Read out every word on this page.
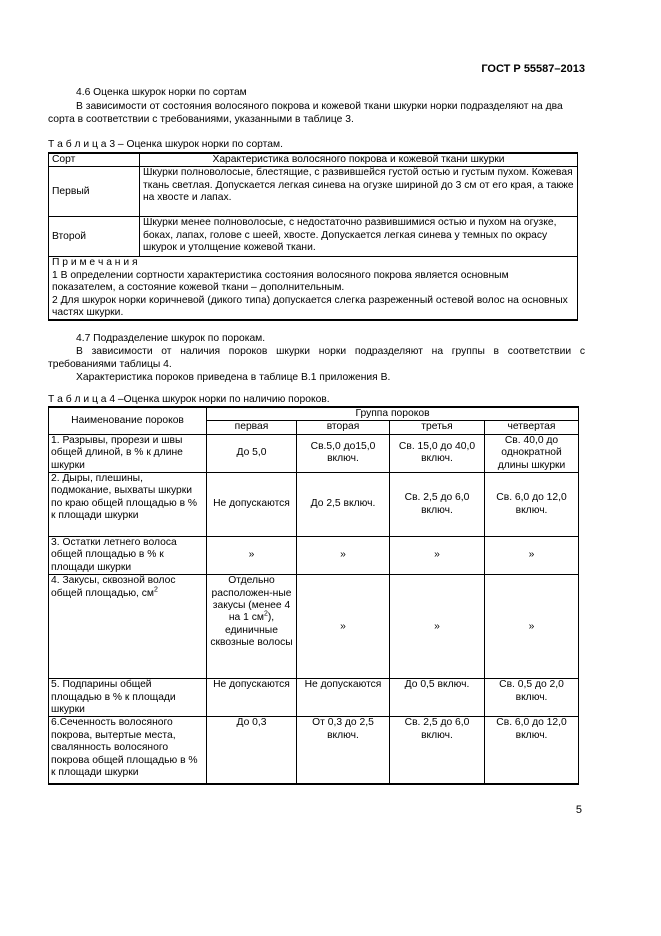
ГОСТ Р 55587–2013
4.6 Оценка шкурок норки по сортам
В зависимости от состояния волосяного покрова и кожевой ткани шкурки норки подразделяют на два сорта в соответствии с требованиями, указанными в таблице 3.
Т а б л и ц а 3 – Оценка шкурок норки по сортам.
Сорт	Характеристика волосяного покрова и кожевой ткани шкурки
Первый	Шкурки полноволосые, блестящие, с развившейся густой остью и густым пухом. Кожевая ткань светлая. Допускается легкая синева на огузке шириной до 3 см от его края, а также на хвосте и лапах.
Второй	Шкурки менее полноволосые, с недостаточно развившимися остью и пухом на огузке, боках, лапах, голове с шеей, хвосте. Допускается легкая синева у темных по окрасу шкурок и утолщение кожевой ткани.

П р и м е ч а н и я
1 В определении сортности характеристика состояния волосяного покрова является основным показателем, а состояние кожевой ткани – дополнительным.
2 Для шкурок норки коричневой (дикого типа) допускается слегка разреженный остевой волос на основных частях шкурки.	
4.7 Подразделение шкурок по порокам.
В зависимости от наличия пороков шкурки норки подразделяют на группы в соответствии с требованиями таблицы 4.
Характеристика пороков приведена в таблице В.1 приложения В.
Т а б л и ц а 4 –Оценка шкурок норки по наличию пороков.
Наименование пороков	Группа пороков			
	первая	вторая	третья	четвертая
1. Разрывы, прорези и швы общей длиной, в % к длине шкурки	До 5,0	Св.5,0 до15,0 включ.	Св. 15,0 до 40,0 включ.	Св. 40,0 до однократной длины шкурки
2. Дыры, плешины, подмокание, выхваты шкурки по краю общей площадью в % к площади шкурки	Не допускаются	До 2,5 включ.	Св. 2,5 до 6,0 включ.	Св. 6,0 до 12,0 включ.
3. Остатки летнего волоса общей площадью в % к площади шкурки	»	»	»	»
4. Закусы, сквозной волос общей площадью, $см^2$	Отдельно расположен-ные закусы (менее 4 на 1 $см^2$), единичные сквозные волосы	»	»	»
5. Подпарины общей площадью в % к площади шкурки	Не допускаются	Не допускаются	До 0,5 включ.	Св. 0,5 до 2,0 включ.
6.Сеченность волосяного покрова, вытертые места, свалянность волосяного покрова общей площадью в % к площади шкурки	До 0,3	От 0,3 до 2,5 включ.	Св. 2,5 до 6,0 включ.	Св. 6,0 до 12,0 включ.
5
